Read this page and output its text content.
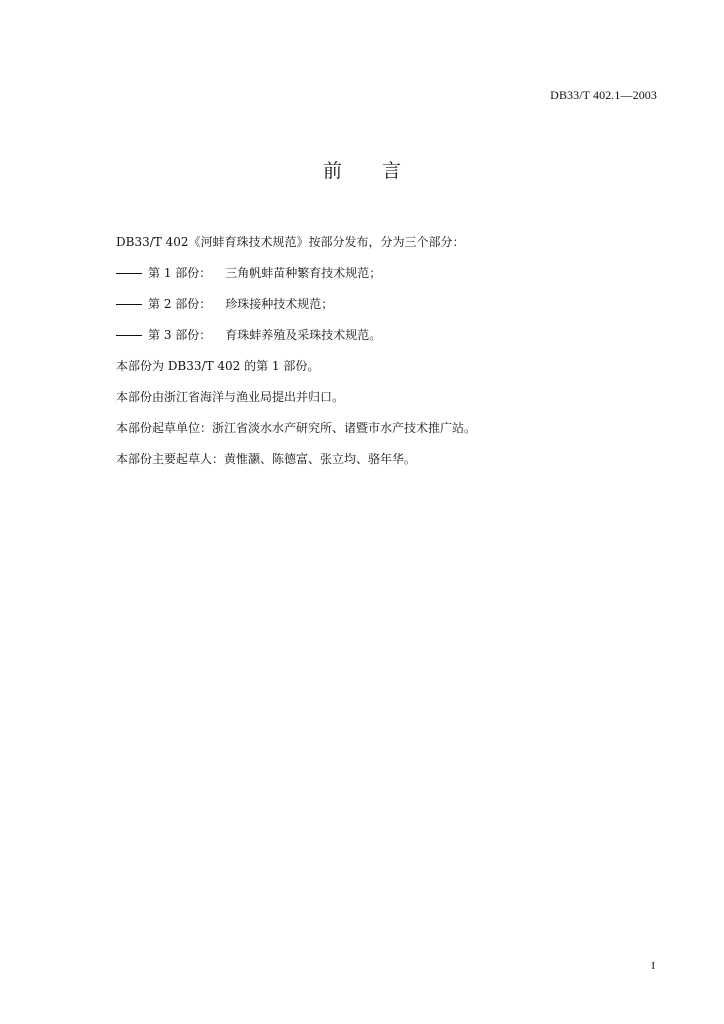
DB33/T 402.1—2003
前言
DB33/T 402《河蚌育珠技术规范》按部分发布，分为三个部分：
第 1 部份： 三角帆蚌苗种繁育技术规范；
第 2 部份： 珍珠接种技术规范；
第 3 部份： 育珠蚌养殖及采珠技术规范。
本部份为 DB33/T 402 的第 1 部份。
本部份由浙江省海洋与渔业局提出并归口。
本部份起草单位：浙江省淡水水产研究所、诸暨市水产技术推广站。
本部份主要起草人：黄惟灏、陈德富、张立均、骆年华。
I
